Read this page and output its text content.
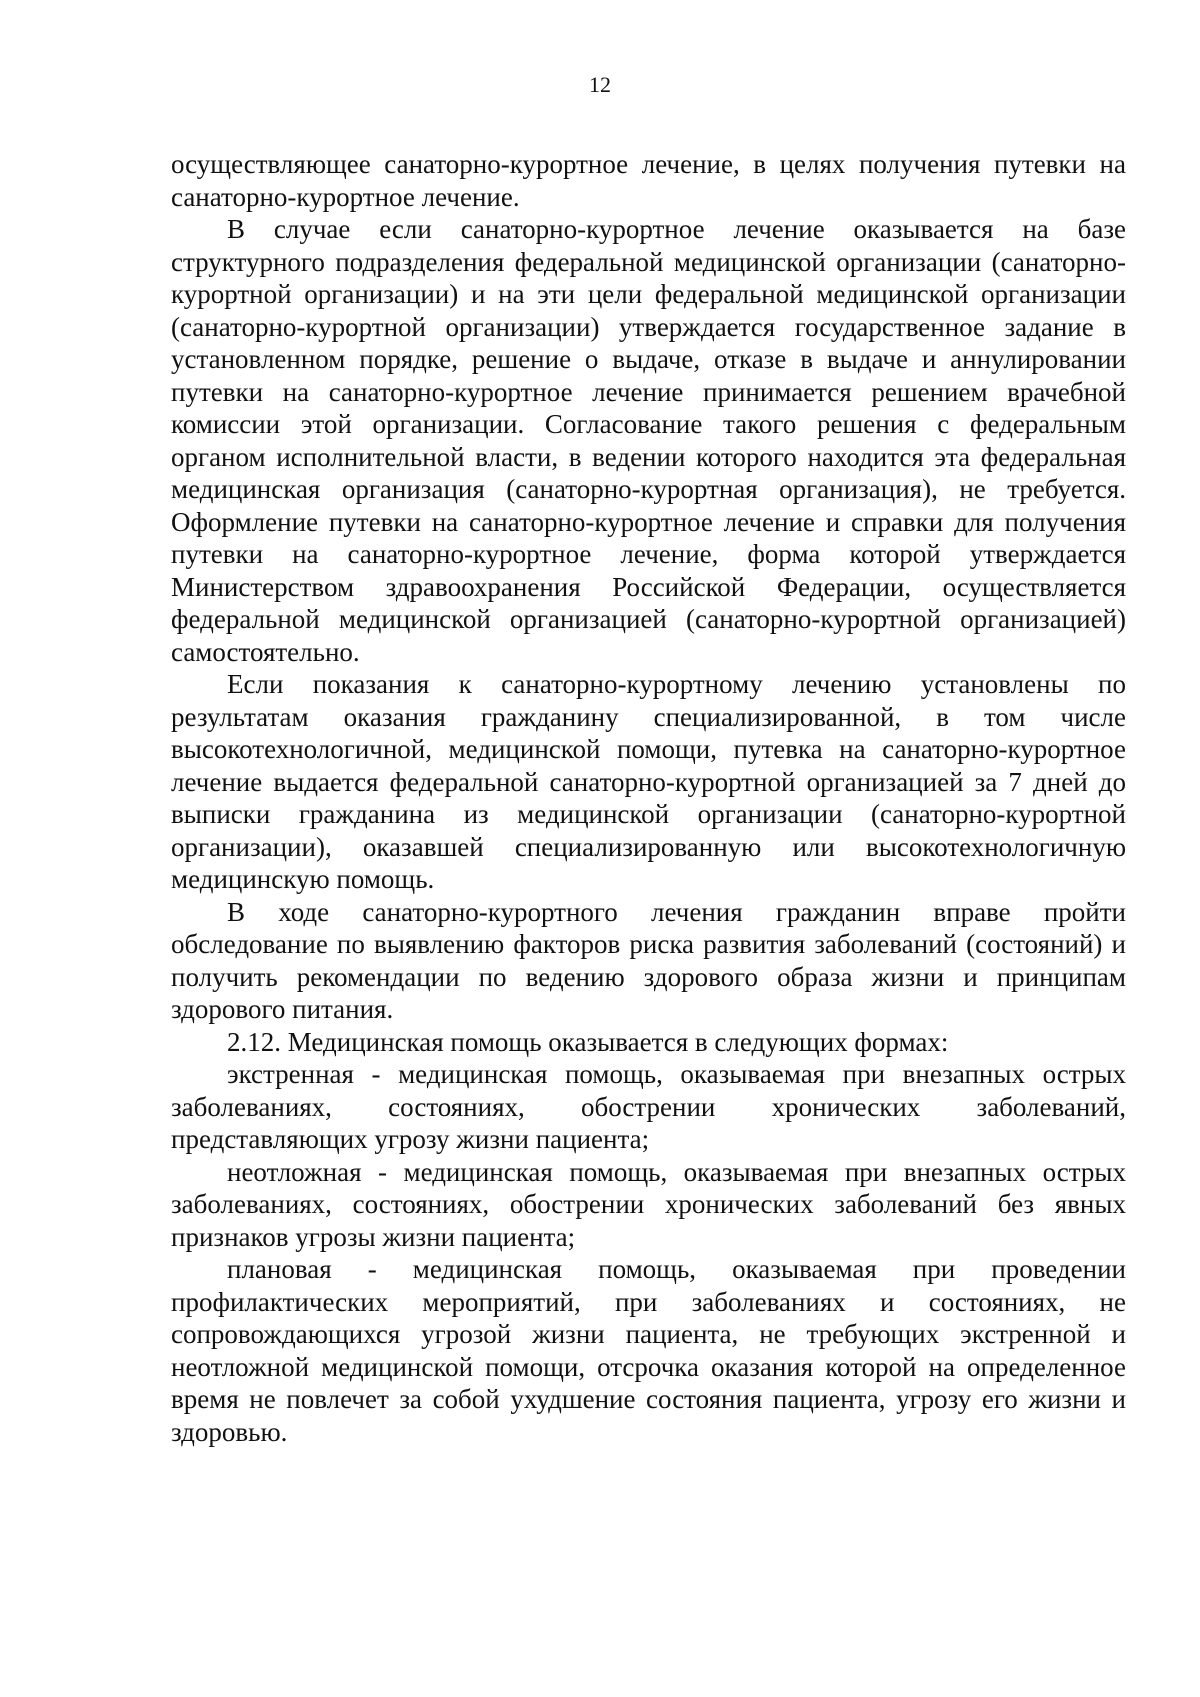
12

осуществляющее санаторно-курортное лечение, в целях получения путевки на санаторно-курортное лечение.

В случае если санаторно-курортное лечение оказывается на базе структурного подразделения федеральной медицинской организации (санаторно-курортной организации) и на эти цели федеральной медицинской организации (санаторно-курортной организации) утверждается государственное задание в установленном порядке, решение о выдаче, отказе в выдаче и аннулировании путевки на санаторно-курортное лечение принимается решением врачебной комиссии этой организации. Согласование такого решения с федеральным органом исполнительной власти, в ведении которого находится эта федеральная медицинская организация (санаторно-курортная организация), не требуется. Оформление путевки на санаторно-курортное лечение и справки для получения путевки на санаторно-курортное лечение, форма которой утверждается Министерством здравоохранения Российской Федерации, осуществляется федеральной медицинской организацией (санаторно-курортной организацией) самостоятельно.

Если показания к санаторно-курортному лечению установлены по результатам оказания гражданину специализированной, в том числе высокотехнологичной, медицинской помощи, путевка на санаторно-курортное лечение выдается федеральной санаторно-курортной организацией за 7 дней до выписки гражданина из медицинской организации (санаторно-курортной организации), оказавшей специализированную или высокотехнологичную медицинскую помощь.

В ходе санаторно-курортного лечения гражданин вправе пройти обследование по выявлению факторов риска развития заболеваний (состояний) и получить рекомендации по ведению здорового образа жизни и принципам здорового питания.

2.12. Медицинская помощь оказывается в следующих формах:

экстренная - медицинская помощь, оказываемая при внезапных острых заболеваниях, состояниях, обострении хронических заболеваний, представляющих угрозу жизни пациента;

неотложная - медицинская помощь, оказываемая при внезапных острых заболеваниях, состояниях, обострении хронических заболеваний без явных признаков угрозы жизни пациента;

плановая - медицинская помощь, оказываемая при проведении профилактических мероприятий, при заболеваниях и состояниях, не сопровождающихся угрозой жизни пациента, не требующих экстренной и неотложной медицинской помощи, отсрочка оказания которой на определенное время не повлечет за собой ухудшение состояния пациента, угрозу его жизни и здоровью.
